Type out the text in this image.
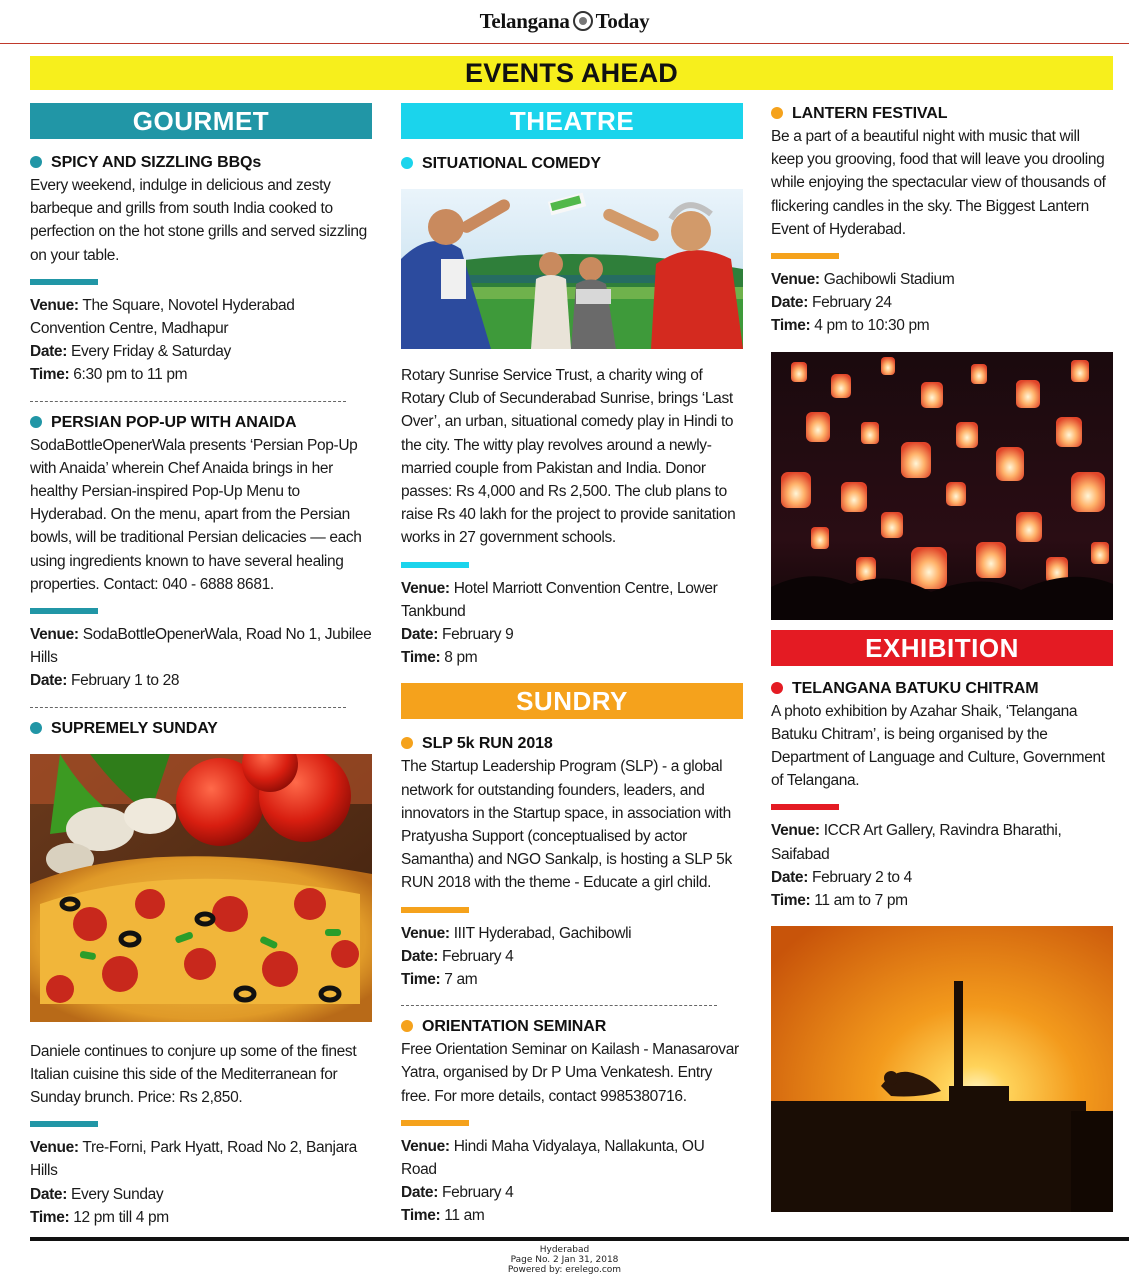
Telangana Today
EVENTS AHEAD
GOURMET
SPICY AND SIZZLING BBQs
Every weekend, indulge in delicious and zesty barbeque and grills from south India cooked to perfection on the hot stone grills and served sizzling on your table.
Venue: The Square, Novotel Hyderabad Convention Centre, Madhapur
Date: Every Friday & Saturday
Time: 6:30 pm to 11 pm
PERSIAN POP-UP WITH ANAIDA
SodaBottleOpenerWala presents ‘Persian Pop-Up with Anaida’ wherein Chef Anaida brings in her healthy Persian-inspired Pop-Up Menu to Hyderabad. On the menu, apart from the Persian bowls, will be traditional Persian delicacies — each using ingredients known to have several healing properties. Contact: 040 - 6888 8681.
Venue: SodaBottleOpenerWala, Road No 1, Jubilee Hills
Date: February 1 to 28
SUPREMELY SUNDAY
Daniele continues to conjure up some of the finest Italian cuisine this side of the Mediterranean for Sunday brunch. Price: Rs 2,850.
Venue: Tre-Forni, Park Hyatt, Road No 2, Banjara Hills
Date: Every Sunday
Time: 12 pm till 4 pm
THEATRE
SITUATIONAL COMEDY
Rotary Sunrise Service Trust, a charity wing of Rotary Club of Secunderabad Sunrise, brings ‘Last Over’, an urban, situational comedy play in Hindi to the city. The witty play revolves around a newly-married couple from Pakistan and India. Donor passes: Rs 4,000 and Rs 2,500. The club plans to raise Rs 40 lakh for the project to provide sanitation works in 27 government schools.
Venue: Hotel Marriott Convention Centre, Lower Tankbund
Date: February 9
Time: 8 pm
SUNDRY
SLP 5k RUN 2018
The Startup Leadership Program (SLP) - a global network for outstanding founders, leaders, and innovators in the Startup space, in association with Pratyusha Support (conceptualised by actor Samantha) and NGO Sankalp, is hosting a SLP 5k RUN 2018 with the theme - Educate a girl child.
Venue: IIIT Hyderabad, Gachibowli
Date: February 4
Time: 7 am
ORIENTATION SEMINAR
Free Orientation Seminar on Kailash - Manasarovar Yatra, organised by Dr P Uma Venkatesh. Entry free. For more details, contact 9985380716.
Venue: Hindi Maha Vidyalaya, Nallakunta, OU Road
Date: February 4
Time: 11 am
LANTERN FESTIVAL
Be a part of a beautiful night with music that will keep you grooving, food that will leave you drooling while enjoying the spectacular view of thousands of flickering candles in the sky. The Biggest Lantern Event of Hyderabad.
Venue: Gachibowli Stadium
Date: February 24
Time: 4 pm to 10:30 pm
EXHIBITION
TELANGANA BATUKU CHITRAM
A photo exhibition by Azahar Shaik, ‘Telangana Batuku Chitram’, is being organised by the Department of Language and Culture, Government of Telangana.
Venue: ICCR Art Gallery, Ravindra Bharathi, Saifabad
Date: February 2 to 4
Time: 11 am to 7 pm
Hyderabad
Page No. 2 Jan 31, 2018
Powered by: erelego.com
